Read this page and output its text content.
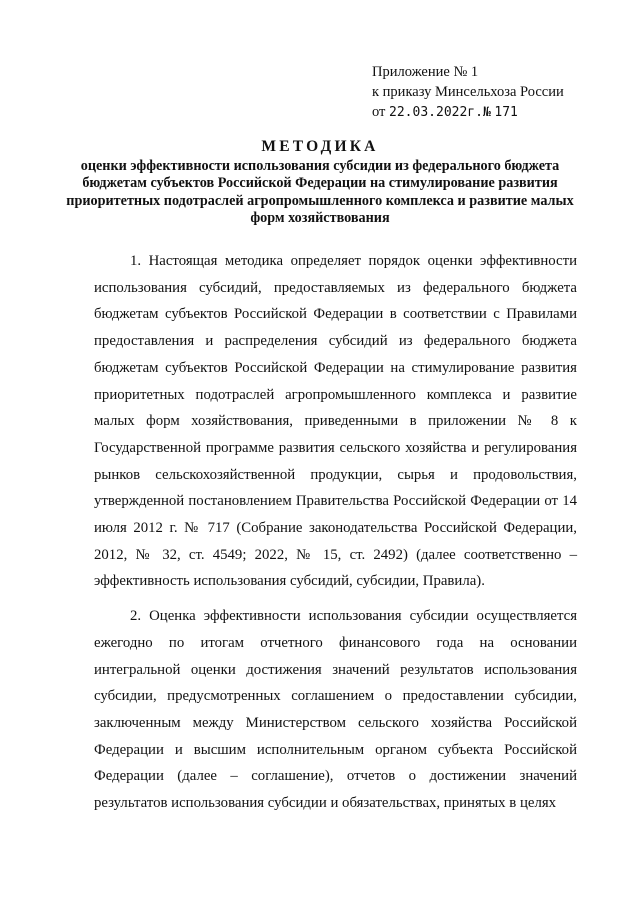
Приложение № 1
к приказу Минсельхоза России
от 22.03.2022г.№ 171
МЕТОДИКА
оценки эффективности использования субсидии из федерального бюджета бюджетам субъектов Российской Федерации на стимулирование развития приоритетных подотраслей агропромышленного комплекса и развитие малых форм хозяйствования

1. Настоящая методика определяет порядок оценки эффективности использования субсидий, предоставляемых из федерального бюджета бюджетам субъектов Российской Федерации в соответствии с Правилами предоставления и распределения субсидий из федерального бюджета бюджетам субъектов Российской Федерации на стимулирование развития приоритетных подотраслей агропромышленного комплекса и развитие малых форм хозяйствования, приведенными в приложении № 8 к Государственной программе развития сельского хозяйства и регулирования рынков сельскохозяйственной продукции, сырья и продовольствия, утвержденной постановлением Правительства Российской Федерации от 14 июля 2012 г. № 717 (Собрание законодательства Российской Федерации, 2012, № 32, ст. 4549; 2022, № 15, ст. 2492) (далее соответственно – эффективность использования субсидий, субсидии, Правила).

2. Оценка эффективности использования субсидии осуществляется ежегодно по итогам отчетного финансового года на основании интегральной оценки достижения значений результатов использования субсидии, предусмотренных соглашением о предоставлении субсидии, заключенным между Министерством сельского хозяйства Российской Федерации и высшим исполнительным органом субъекта Российской Федерации (далее – соглашение), отчетов о достижении значений результатов использования субсидии и обязательствах, принятых в целях
